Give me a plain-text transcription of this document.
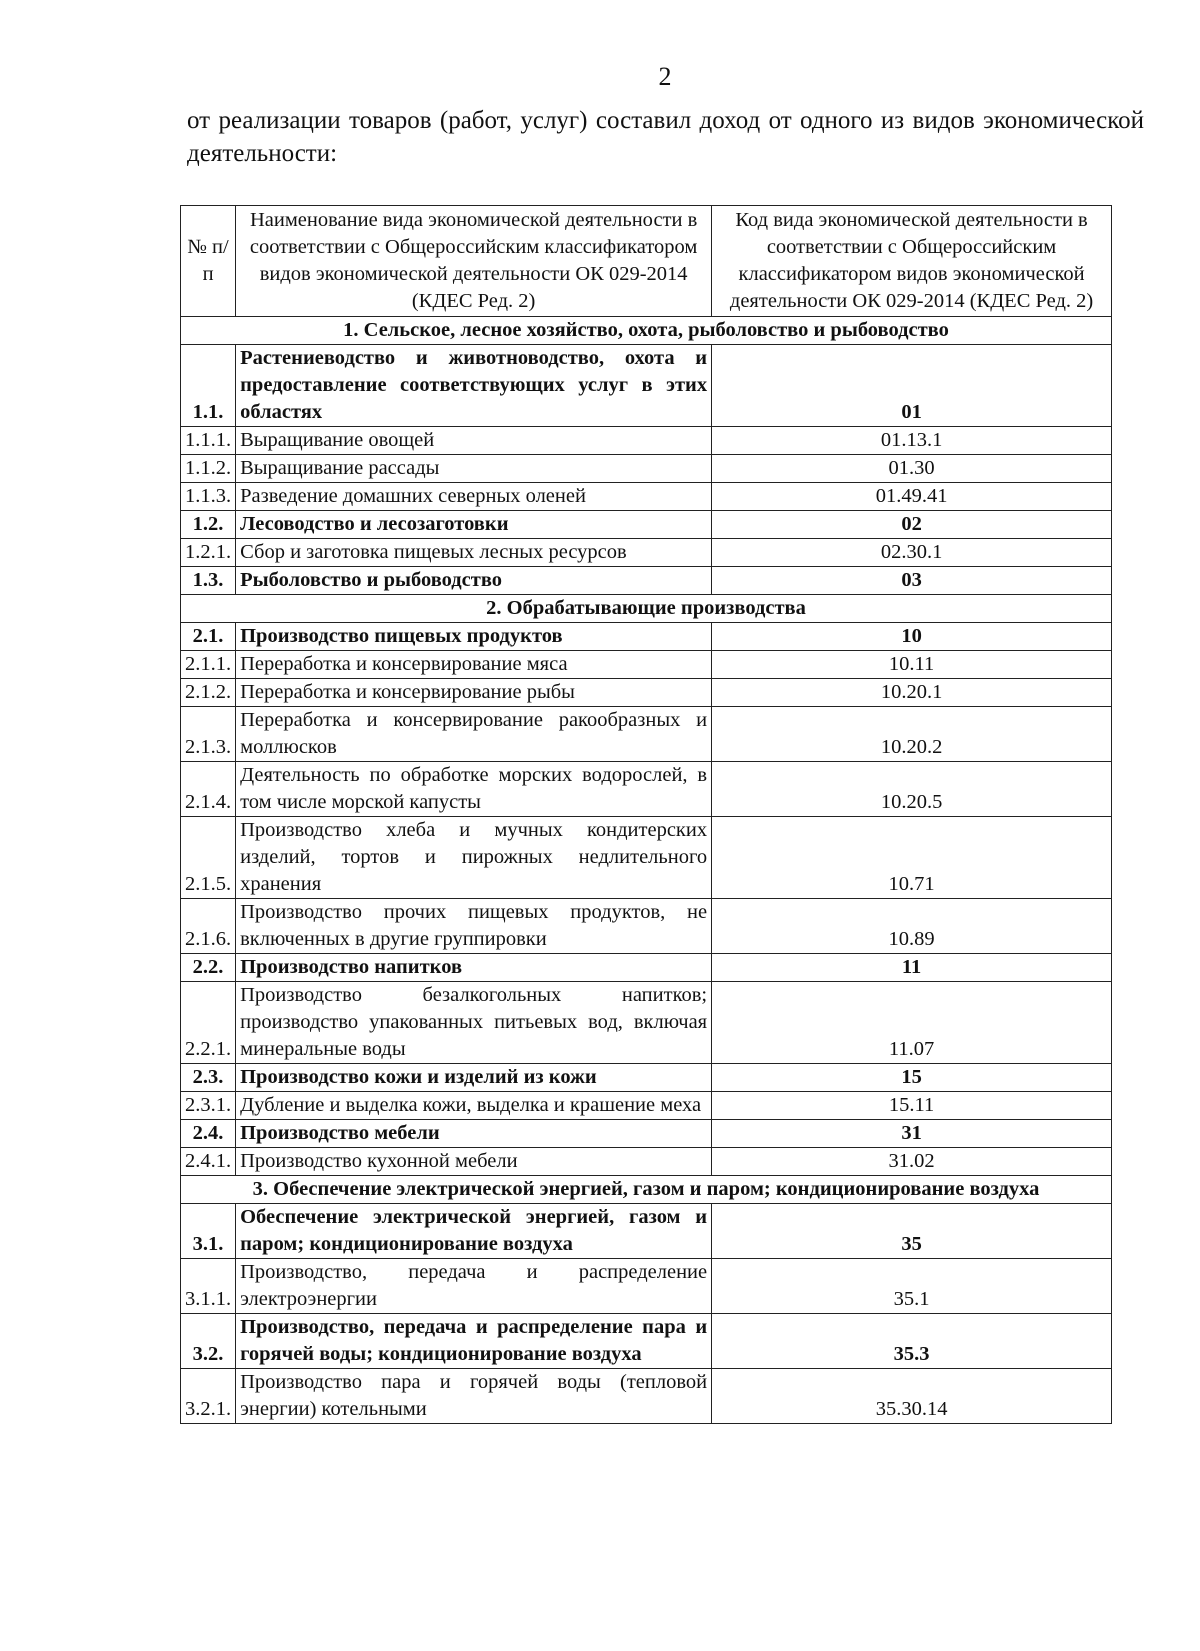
2
от реализации товаров (работ, услуг) составил доход от одного из видов экономической деятельности:
№ п/п	Наименование вида экономической деятельности в соответствии с Общероссийским классификатором видов экономической деятельности ОК 029-2014 (КДЕС Ред. 2)	Код вида экономической деятельности в соответствии с Общероссийским классификатором видов экономической деятельности ОК 029-2014 (КДЕС Ред. 2)
1. Сельское, лесное хозяйство, охота, рыболовство и рыбоводство		
1.1.	Растениеводство и животноводство, охота и предоставление соответствующих услуг в этих областях	01
1.1.1.	Выращивание овощей	01.13.1
1.1.2.	Выращивание рассады	01.30
1.1.3.	Разведение домашних северных оленей	01.49.41
1.2.	Лесоводство и лесозаготовки	02
1.2.1.	Сбор и заготовка пищевых лесных ресурсов	02.30.1
1.3.	Рыболовство и рыбоводство	03
2. Обрабатывающие производства		
2.1.	Производство пищевых продуктов	10
2.1.1.	Переработка и консервирование мяса	10.11
2.1.2.	Переработка и консервирование рыбы	10.20.1
2.1.3.	Переработка и консервирование ракообразных и моллюсков	10.20.2
2.1.4.	Деятельность по обработке морских водорослей, в том числе морской капусты	10.20.5
2.1.5.	Производство хлеба и мучных кондитерских изделий, тортов и пирожных недлительного хранения	10.71
2.1.6.	Производство прочих пищевых продуктов, не включенных в другие группировки	10.89
2.2.	Производство напитков	11
2.2.1.	Производство безалкогольных напитков; производство упакованных питьевых вод, включая минеральные воды	11.07
2.3.	Производство кожи и изделий из кожи	15
2.3.1.	Дубление и выделка кожи, выделка и крашение меха	15.11
2.4.	Производство мебели	31
2.4.1.	Производство кухонной мебели	31.02
3. Обеспечение электрической энергией, газом и паром; кондиционирование воздуха		
3.1.	Обеспечение электрической энергией, газом и паром; кондиционирование воздуха	35
3.1.1.	Производство, передача и распределение электроэнергии	35.1
3.2.	Производство, передача и распределение пара и горячей воды; кондиционирование воздуха	35.3
3.2.1.	Производство пара и горячей воды (тепловой энергии) котельными	35.30.14
